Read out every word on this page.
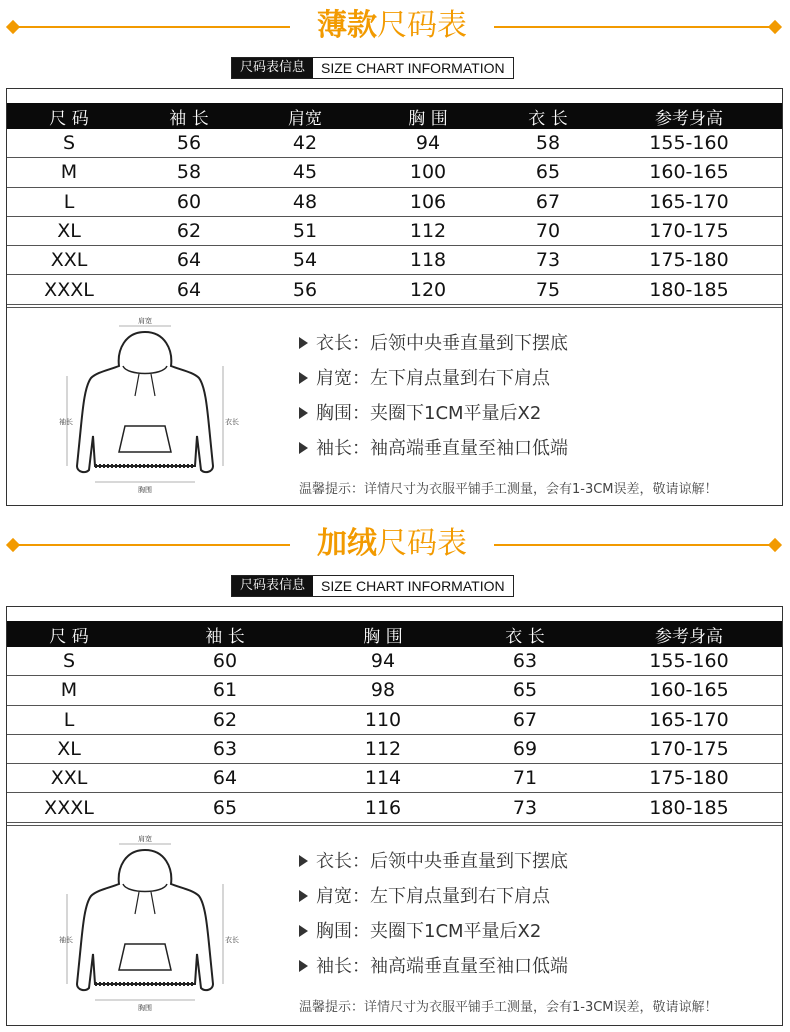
薄款尺码表
尺码表信息	SIZE CHART INFORMATION
尺 码	袖 长	肩宽	胸 围	衣 长	参考身高
S	56	42	94	58	155-160
M	58	45	100	65	160-165
L	60	48	106	67	165-170
XL	62	51	112	70	170-175
XXL	64	54	118	73	175-180
XXXL	64	56	120	75	180-185
肩宽
袖长	衣长
胸围
衣长：后领中央垂直量到下摆底
肩宽：左下肩点量到右下肩点
胸围：夹圈下1CM平量后X2
袖长：袖高端垂直量至袖口低端
温馨提示：详情尺寸为衣服平铺手工测量，会有1-3CM误差，敬请谅解！
加绒尺码表
尺码表信息	SIZE CHART INFORMATION
尺 码	袖 长	胸 围	衣 长	参考身高
S	60	94	63	155-160
M	61	98	65	160-165
L	62	110	67	165-170
XL	63	112	69	170-175
XXL	64	114	71	175-180
XXXL	65	116	73	180-185
肩宽
袖长	衣长
胸围
衣长：后领中央垂直量到下摆底
肩宽：左下肩点量到右下肩点
胸围：夹圈下1CM平量后X2
袖长：袖高端垂直量至袖口低端
温馨提示：详情尺寸为衣服平铺手工测量，会有1-3CM误差，敬请谅解！
